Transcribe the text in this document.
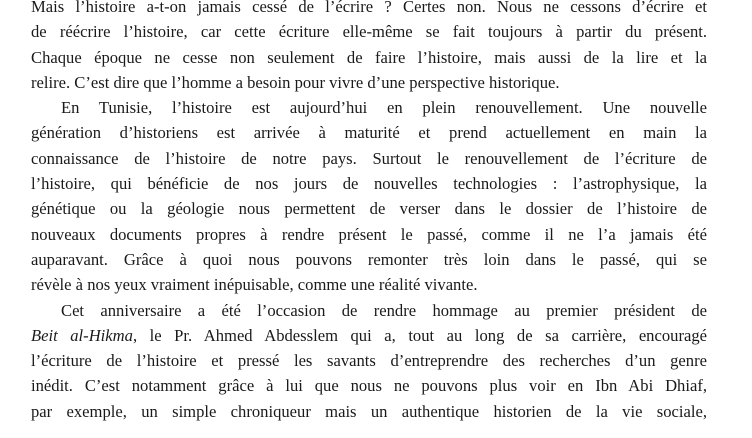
Mais l’histoire a-t-on jamais cessé de l’écrire ? Certes non. Nous ne cessons d’écrire et
de réécrire l’histoire, car cette écriture elle-même se fait toujours à partir du présent.
Chaque époque ne cesse non seulement de faire l’histoire, mais aussi de la lire et la
relire. C’est dire que l’homme a besoin pour vivre d’une perspective historique.
En Tunisie, l’histoire est aujourd’hui en plein renouvellement. Une nouvelle
génération d’historiens est arrivée à maturité et prend actuellement en main la
connaissance de l’histoire de notre pays. Surtout le renouvellement de l’écriture de
l’histoire, qui bénéficie de nos jours de nouvelles technologies : l’astrophysique, la
génétique ou la géologie nous permettent de verser dans le dossier de l’histoire de
nouveaux documents propres à rendre présent le passé, comme il ne l’a jamais été
auparavant. Grâce à quoi nous pouvons remonter très loin dans le passé, qui se
révèle à nos yeux vraiment inépuisable, comme une réalité vivante.
Cet anniversaire a été l’occasion de rendre hommage au premier président de
Beit al-Hikma, le Pr. Ahmed Abdesslem qui a, tout au long de sa carrière, encouragé
l’écriture de l’histoire et pressé les savants d’entreprendre des recherches d’un genre
inédit. C’est notamment grâce à lui que nous ne pouvons plus voir en Ibn Abi Dhiaf,
par exemple, un simple chroniqueur mais un authentique historien de la vie sociale,
